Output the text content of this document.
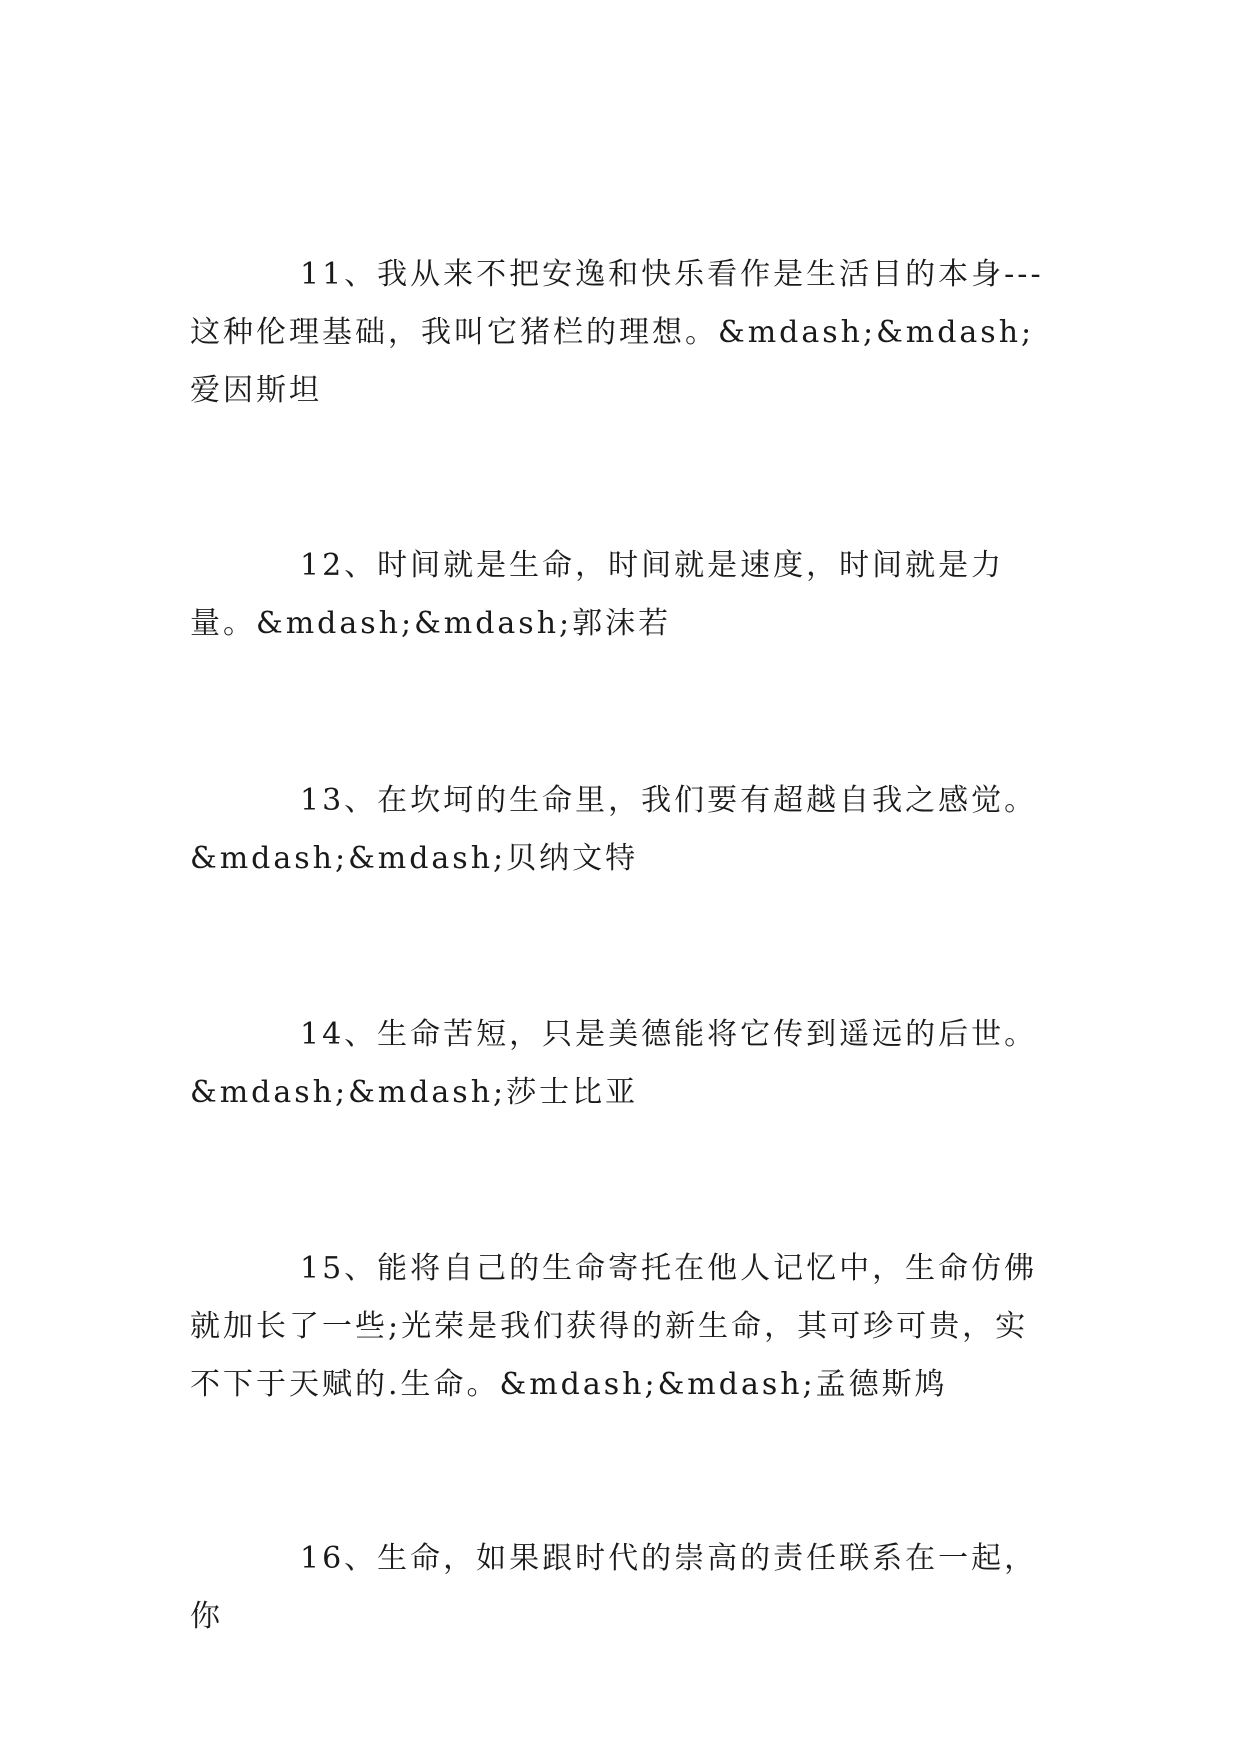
11、我从来不把安逸和快乐看作是生活目的本身---这种伦理基础，我叫它猪栏的理想。&mdash;&mdash;爱因斯坦

12、时间就是生命，时间就是速度，时间就是力量。&mdash;&mdash;郭沫若

13、在坎坷的生命里，我们要有超越自我之感觉。&mdash;&mdash;贝纳文特

14、生命苦短，只是美德能将它传到遥远的后世。&mdash;&mdash;莎士比亚

15、能将自己的生命寄托在他人记忆中，生命仿佛就加长了一些;光荣是我们获得的新生命，其可珍可贵，实不下于天赋的.生命。&mdash;&mdash;孟德斯鸠

16、生命，如果跟时代的崇高的责任联系在一起，你
